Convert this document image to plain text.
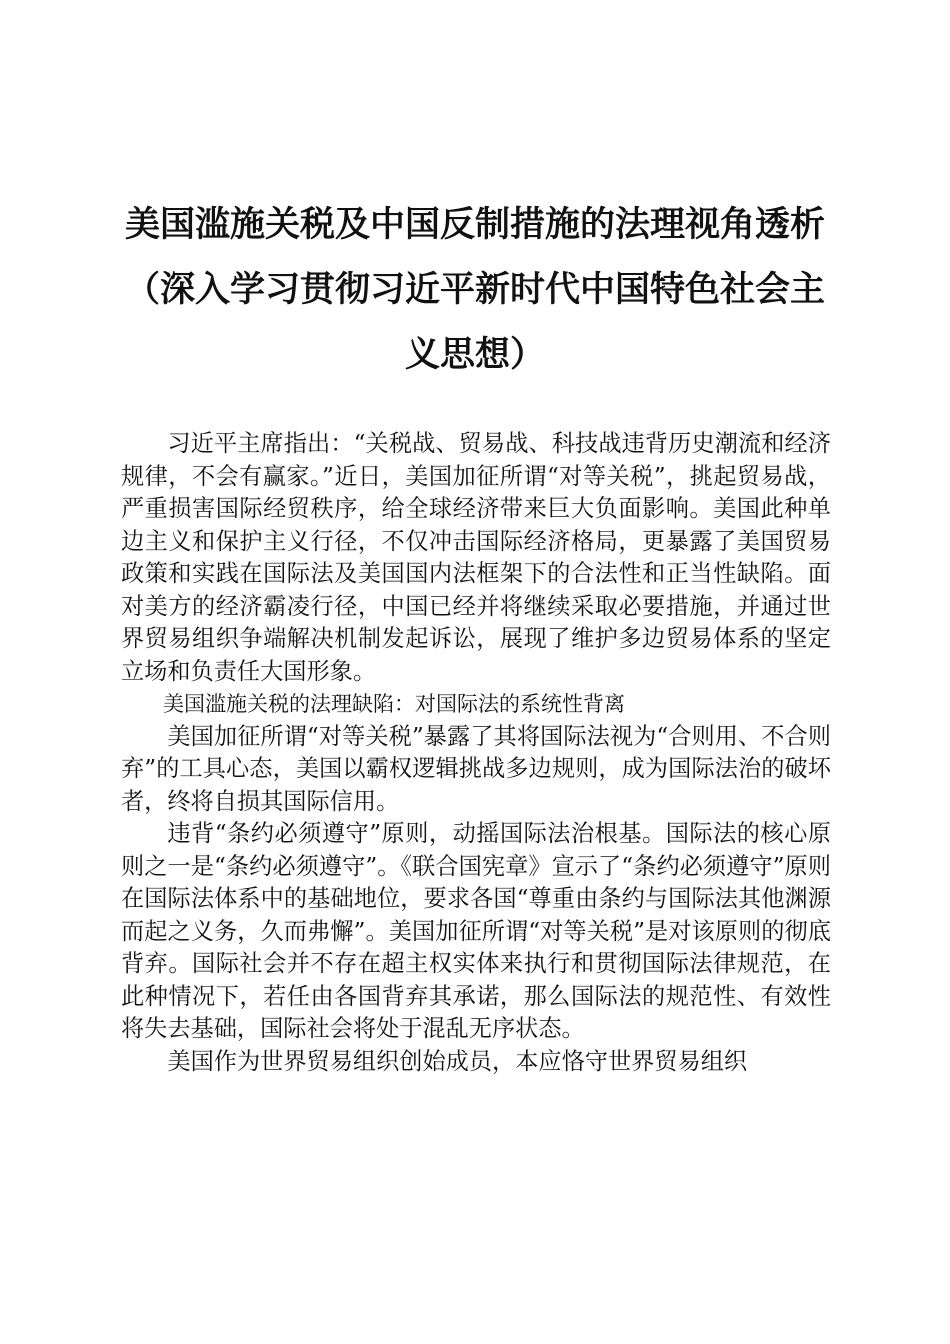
美国滥施关税及中国反制措施的法理视角透析
（深入学习贯彻习近平新时代中国特色社会主
义思想）

习近平主席指出：“关税战、贸易战、科技战违背历史潮流和经济规律，不会有赢家。”近日，美国加征所谓“对等关税”，挑起贸易战，严重损害国际经贸秩序，给全球经济带来巨大负面影响。美国此种单边主义和保护主义行径，不仅冲击国际经济格局，更暴露了美国贸易政策和实践在国际法及美国国内法框架下的合法性和正当性缺陷。面对美方的经济霸凌行径，中国已经并将继续采取必要措施，并通过世界贸易组织争端解决机制发起诉讼，展现了维护多边贸易体系的坚定立场和负责任大国形象。

美国滥施关税的法理缺陷：对国际法的系统性背离

美国加征所谓“对等关税”暴露了其将国际法视为“合则用、不合则弃”的工具心态，美国以霸权逻辑挑战多边规则，成为国际法治的破坏者，终将自损其国际信用。

违背“条约必须遵守”原则，动摇国际法治根基。国际法的核心原则之一是“条约必须遵守”。《联合国宪章》宣示了“条约必须遵守”原则在国际法体系中的基础地位，要求各国“尊重由条约与国际法其他渊源而起之义务，久而弗懈”。美国加征所谓“对等关税”是对该原则的彻底背弃。国际社会并不存在超主权实体来执行和贯彻国际法律规范，在此种情况下，若任由各国背弃其承诺，那么国际法的规范性、有效性将失去基础，国际社会将处于混乱无序状态。

美国作为世界贸易组织创始成员，本应恪守世界贸易组织
